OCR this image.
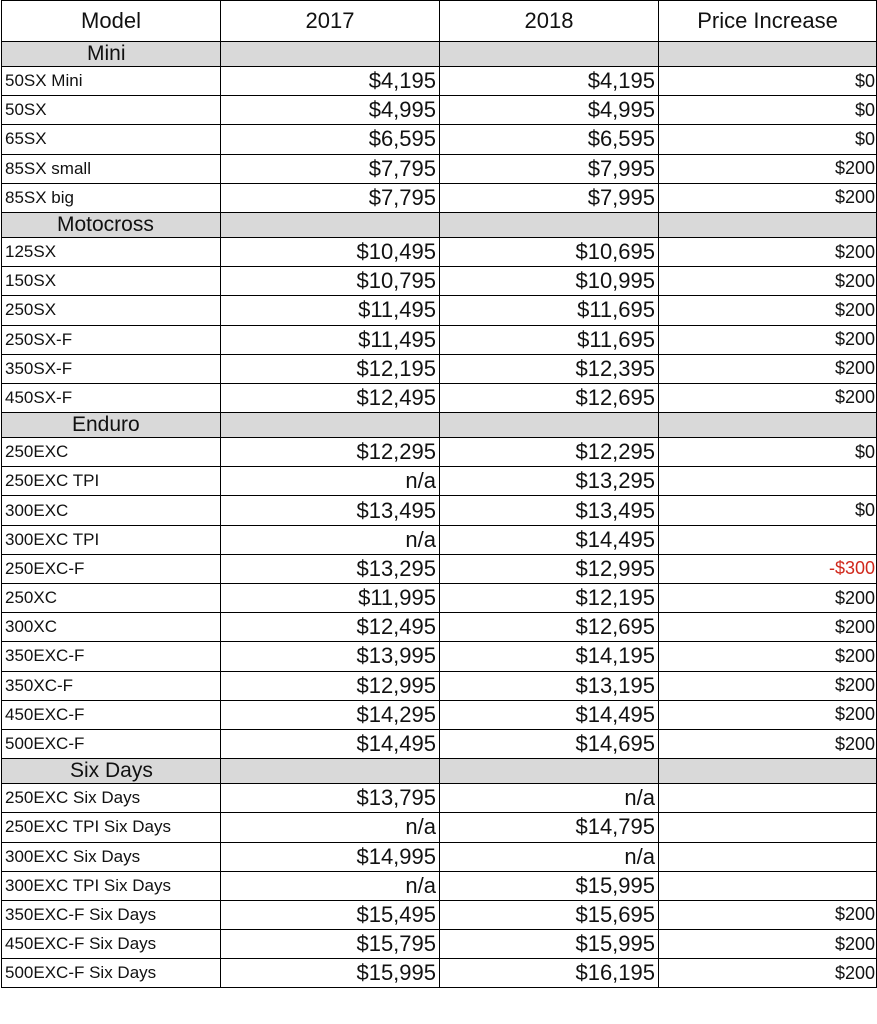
Model	2017	2018	Price Increase

Mini			

50SX Mini	$4,195	$4,195	$0
50SX	$4,995	$4,995	$0
65SX	$6,595	$6,595	$0
85SX small	$7,795	$7,995	$200
85SX big	$7,795	$7,995	$200

Motocross			

125SX	$10,495	$10,695	$200
150SX	$10,795	$10,995	$200
250SX	$11,495	$11,695	$200
250SX-F	$11,495	$11,695	$200
350SX-F	$12,195	$12,395	$200
450SX-F	$12,495	$12,695	$200

Enduro			

250EXC	$12,295	$12,295	$0
250EXC TPI	n/a	$13,295	
300EXC	$13,495	$13,495	$0
300EXC TPI	n/a	$14,495	
250EXC-F	$13,295	$12,995	-$300
250XC	$11,995	$12,195	$200
300XC	$12,495	$12,695	$200
350EXC-F	$13,995	$14,195	$200
350XC-F	$12,995	$13,195	$200
450EXC-F	$14,295	$14,495	$200
500EXC-F	$14,495	$14,695	$200

Six Days			

250EXC Six Days	$13,795	n/a	
250EXC TPI Six Days	n/a	$14,795	
300EXC Six Days	$14,995	n/a	
300EXC TPI Six Days	n/a	$15,995	
350EXC-F Six Days	$15,495	$15,695	$200
450EXC-F Six Days	$15,795	$15,995	$200
500EXC-F Six Days	$15,995	$16,195	$200
